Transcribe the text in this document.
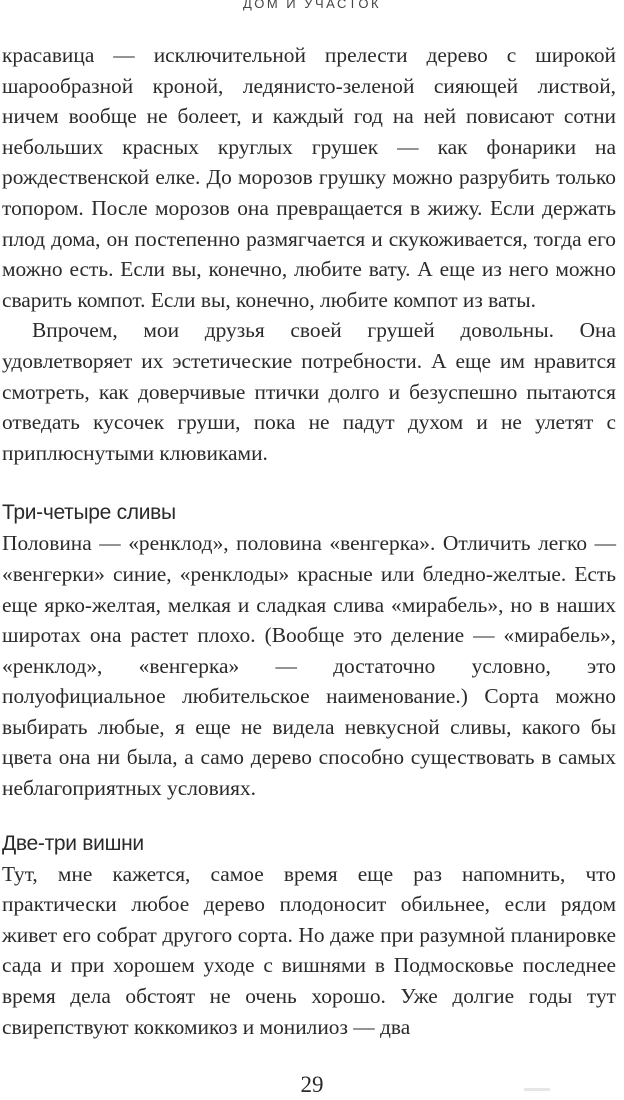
ДОМ И УЧАСТОК

красавица — исключительной прелести дерево с широкой шарообразной кроной, ледянисто-зеленой сияющей листвой, ничем вообще не болеет, и каждый год на ней повисают сотни небольших красных круглых грушек — как фонарики на рождественской елке. До морозов грушку можно разрубить только топором. После морозов она превращается в жижу. Если держать плод дома, он постепенно размягчается и скукоживается, тогда его можно есть. Если вы, конечно, любите вату. А еще из него можно сварить компот. Если вы, конечно, любите компот из ваты.

Впрочем, мои друзья своей грушей довольны. Она удовлетворяет их эстетические потребности. А еще им нравится смотреть, как доверчивые птички долго и безуспешно пытаются отведать кусочек груши, пока не падут духом и не улетят с приплюснутыми клювиками.

Три-четыре сливы

Половина — «ренклод», половина «венгерка». Отличить легко — «венгерки» синие, «ренклоды» красные или бледно-желтые. Есть еще ярко-желтая, мелкая и сладкая слива «мирабель», но в наших широтах она растет плохо. (Вообще это деление — «мирабель», «ренклод», «венгерка» — достаточно условно, это полуофициальное любительское наименование.) Сорта можно выбирать любые, я еще не видела невкусной сливы, какого бы цвета она ни была, а само дерево способно существовать в самых неблагоприятных условиях.

Две-три вишни

Тут, мне кажется, самое время еще раз напомнить, что практически любое дерево плодоносит обильнее, если рядом живет его собрат другого сорта. Но даже при разумной планировке сада и при хорошем уходе с вишнями в Подмосковье последнее время дела обстоят не очень хорошо. Уже долгие годы тут свирепствуют коккомикоз и монилиоз — два

29
